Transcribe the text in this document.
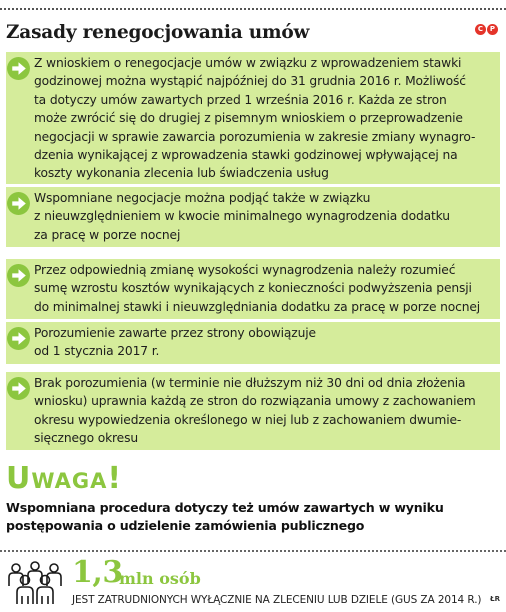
Zasady renegocjowania umów	C P
Z wnioskiem o renegocjacje umów w związku z wprowadzeniem stawki
godzinowej można wystąpić najpóźniej do 31 grudnia 2016 r. Możliwość
ta dotyczy umów zawartych przed 1 września 2016 r. Każda ze stron
może zwrócić się do drugiej z pisemnym wnioskiem o przeprowadzenie
negocjacji w sprawie zawarcia porozumienia w zakresie zmiany wynagro-
dzenia wynikającej z wprowadzenia stawki godzinowej wpływającej na
koszty wykonania zlecenia lub świadczenia usług
Wspomniane negocjacje można podjąć także w związku
z nieuwzględnieniem w kwocie minimalnego wynagrodzenia dodatku
za pracę w porze nocnej
Przez odpowiednią zmianę wysokości wynagrodzenia należy rozumieć
sumę wzrostu kosztów wynikających z konieczności podwyższenia pensji
do minimalnej stawki i nieuwzględniania dodatku za pracę w porze nocnej
Porozumienie zawarte przez strony obowiązuje
od 1 stycznia 2017 r.
Brak porozumienia (w terminie nie dłuższym niż 30 dni od dnia złożenia
wniosku) uprawnia każdą ze stron do rozwiązania umowy z zachowaniem
okresu wypowiedzenia określonego w niej lub z zachowaniem dwumie-
sięcznego okresu
Uwaga!
Wspomniana procedura dotyczy też umów zawartych w wyniku
postępowania o udzielenie zamówienia publicznego
1,3
mln osób
JEST ZATRUDNIONYCH WYŁĄCZNIE NA ZLECENIU LUB DZIELE (GUS ZA 2014 R.) ŁR
